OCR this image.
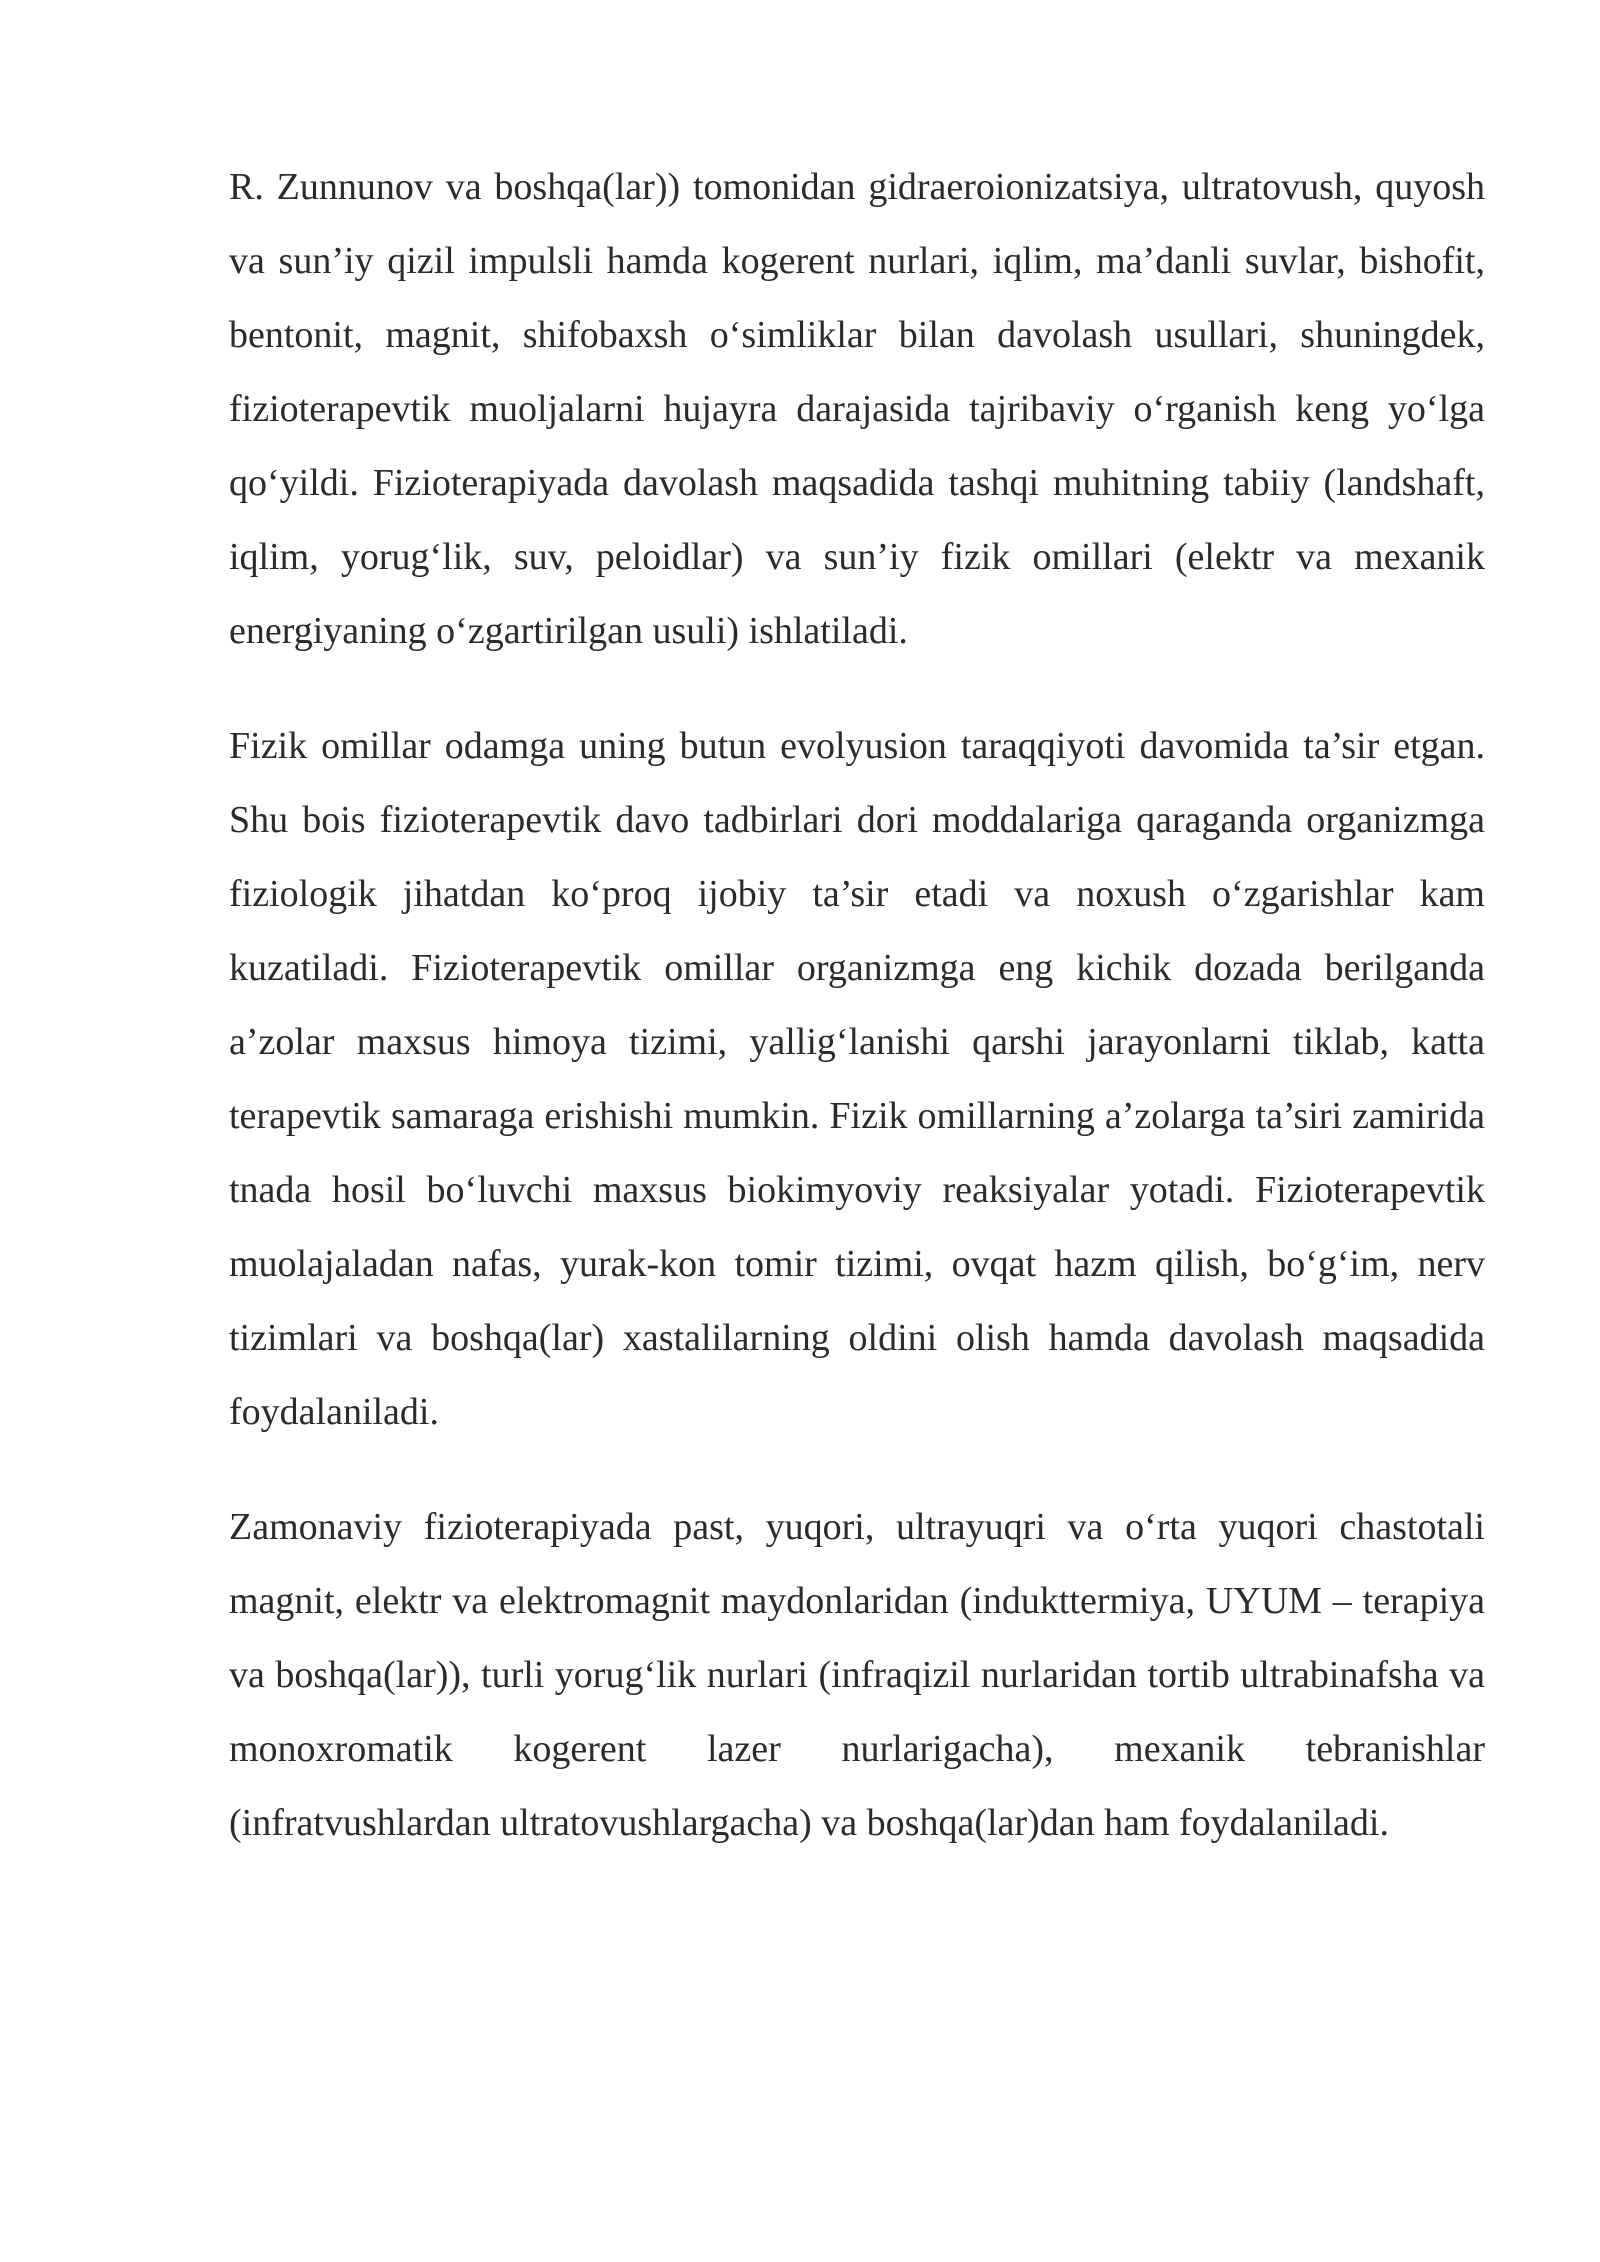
R. Zunnunov va boshqa(lar)) tomonidan gidraeroionizatsiya, ultratovush, quyosh va sun’iy qizil impulsli hamda kogerent nurlari, iqlim, ma’danli suvlar, bishofit, bentonit, magnit, shifobaxsh o‘simliklar bilan davolash usullari, shuningdek, fizioterapevtik muoljalarni hujayra darajasida tajribaviy o‘rganish keng yo‘lga qo‘yildi. Fizioterapiyada davolash maqsadida tashqi muhitning tabiiy (landshaft, iqlim, yorug‘lik, suv, peloidlar) va sun’iy fizik omillari (elektr va mexanik energiyaning o‘zgartirilgan usuli) ishlatiladi.

Fizik omillar odamga uning butun evolyusion taraqqiyoti davomida ta’sir etgan. Shu bois fizioterapevtik davo tadbirlari dori moddalariga qaraganda organizmga fiziologik jihatdan ko‘proq ijobiy ta’sir etadi va noxush o‘zgarishlar kam kuzatiladi. Fizioterapevtik omillar organizmga eng kichik dozada berilganda a’zolar maxsus himoya tizimi, yallig‘lanishi qarshi jarayonlarni tiklab, katta terapevtik samaraga erishishi mumkin. Fizik omillarning a’zolarga ta’siri zamirida tnada hosil bo‘luvchi maxsus biokimyoviy reaksiyalar yotadi. Fizioterapevtik muolajaladan nafas, yurak-kon tomir tizimi, ovqat hazm qilish, bo‘g‘im, nerv tizimlari va boshqa(lar) xastalilarning oldini olish hamda davolash maqsadida foydalaniladi.

Zamonaviy fizioterapiyada past, yuqori, ultrayuqri va o‘rta yuqori chastotali magnit, elektr va elektromagnit maydonlaridan (indukttermiya, UYUM – terapiya va boshqa(lar)), turli yorug‘lik nurlari (infraqizil nurlaridan tortib ultrabinafsha va monoxromatik kogerent lazer nurlarigacha), mexanik tebranishlar (infratvushlardan ultratovushlargacha) va boshqa(lar)dan ham foydalaniladi.
